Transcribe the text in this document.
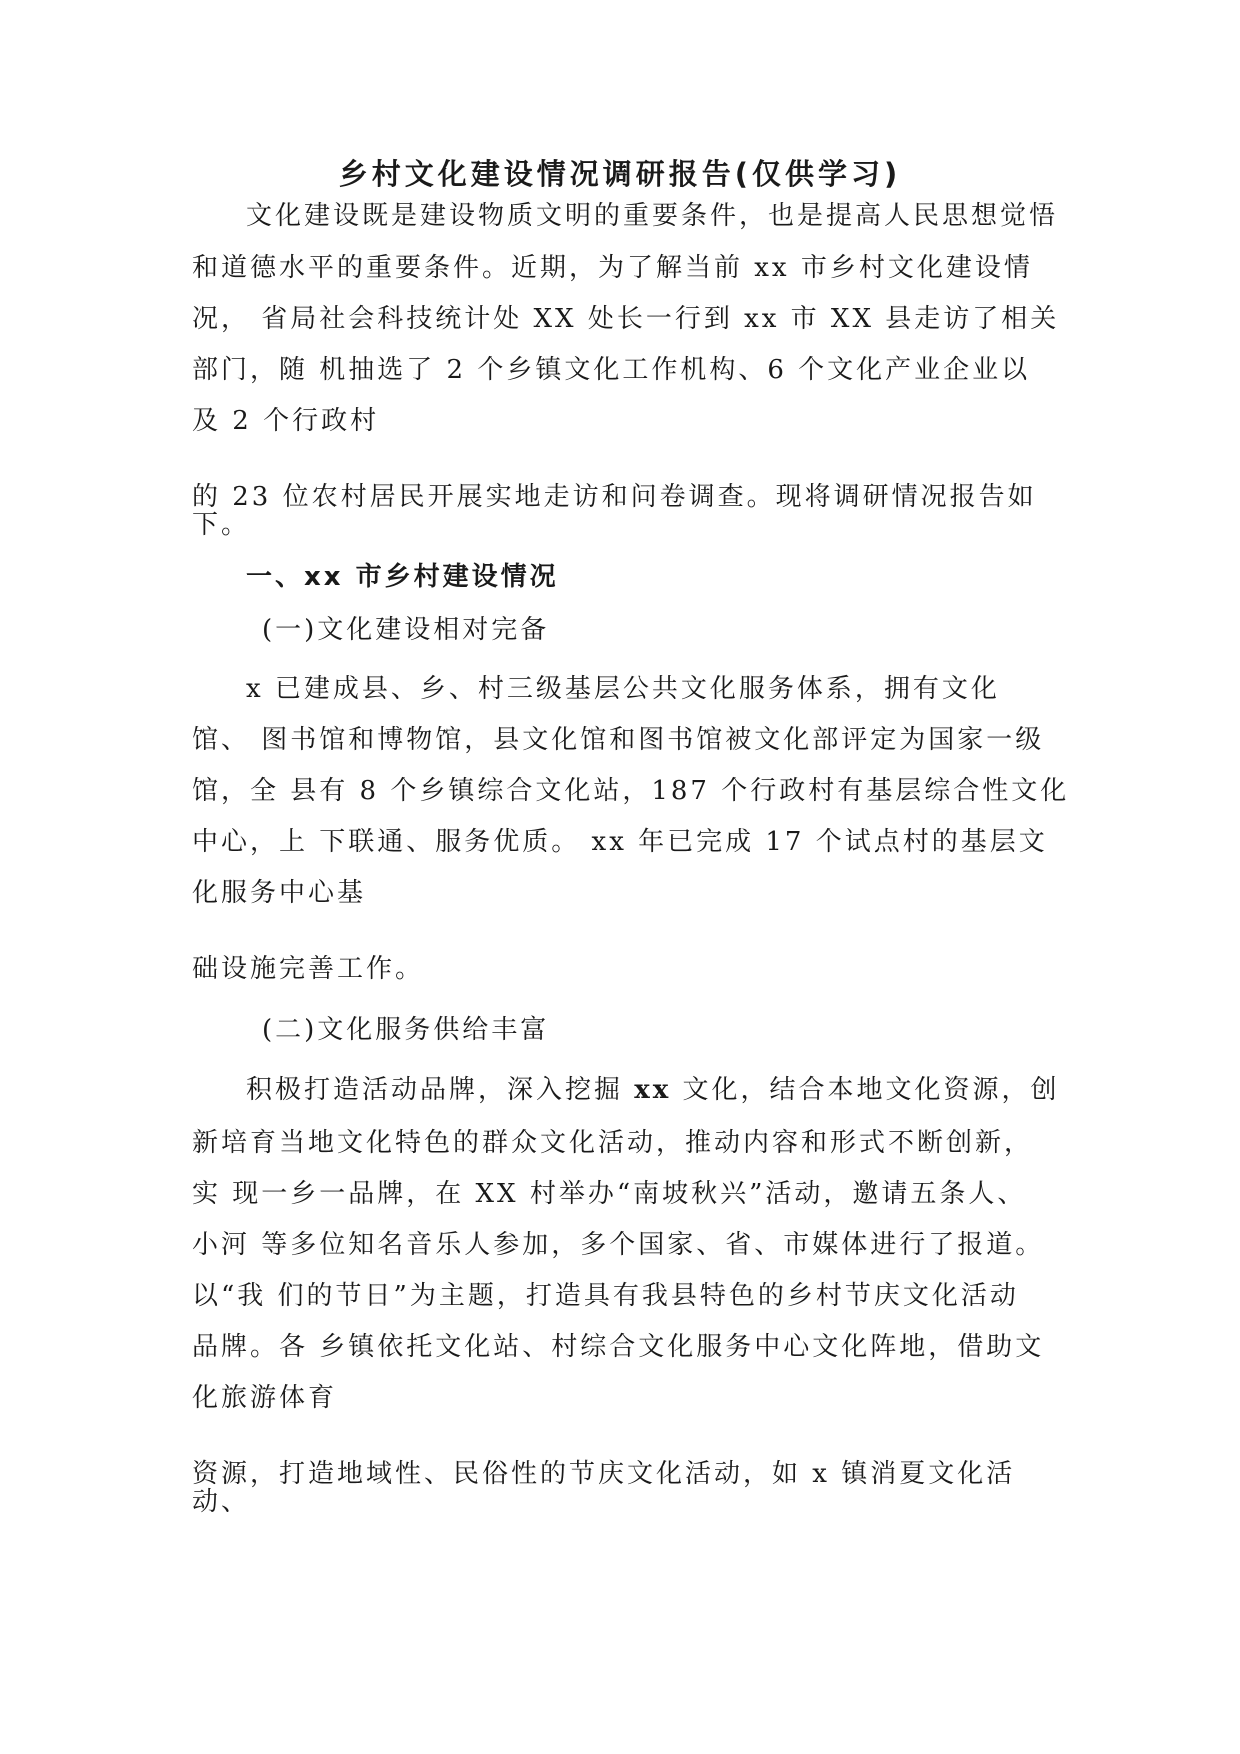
乡村文化建设情况调研报告(仅供学习)

文化建设既是建设物质文明的重要条件，也是提高人民思想觉悟

和道德水平的重要条件。近期，为了解当前 xx 市乡村文化建设情

况， 省局社会科技统计处 XX 处长一行到 xx 市 XX 县走访了相关

部门，随 机抽选了 2 个乡镇文化工作机构、6 个文化产业企业以

及 2 个行政村

的 23 位农村居民开展实地走访和问卷调查。现将调研情况报告如

下。

一、xx 市乡村建设情况

(一)文化建设相对完备

x 已建成县、乡、村三级基层公共文化服务体系，拥有文化

馆、 图书馆和博物馆，县文化馆和图书馆被文化部评定为国家一级

馆，全 县有 8 个乡镇综合文化站，187 个行政村有基层综合性文化

中心，上 下联通、服务优质。 xx 年已完成 17 个试点村的基层文

化服务中心基

础设施完善工作。

(二)文化服务供给丰富

积极打造活动品牌，深入挖掘 xx 文化，结合本地文化资源，创

新培育当地文化特色的群众文化活动，推动内容和形式不断创新，

实 现一乡一品牌，在 XX 村举办“南坡秋兴”活动，邀请五条人、

小河 等多位知名音乐人参加，多个国家、省、市媒体进行了报道。

以“我 们的节日”为主题，打造具有我县特色的乡村节庆文化活动

品牌。各 乡镇依托文化站、村综合文化服务中心文化阵地，借助文

化旅游体育

资源，打造地域性、民俗性的节庆文化活动，如 x 镇消夏文化活

动、
